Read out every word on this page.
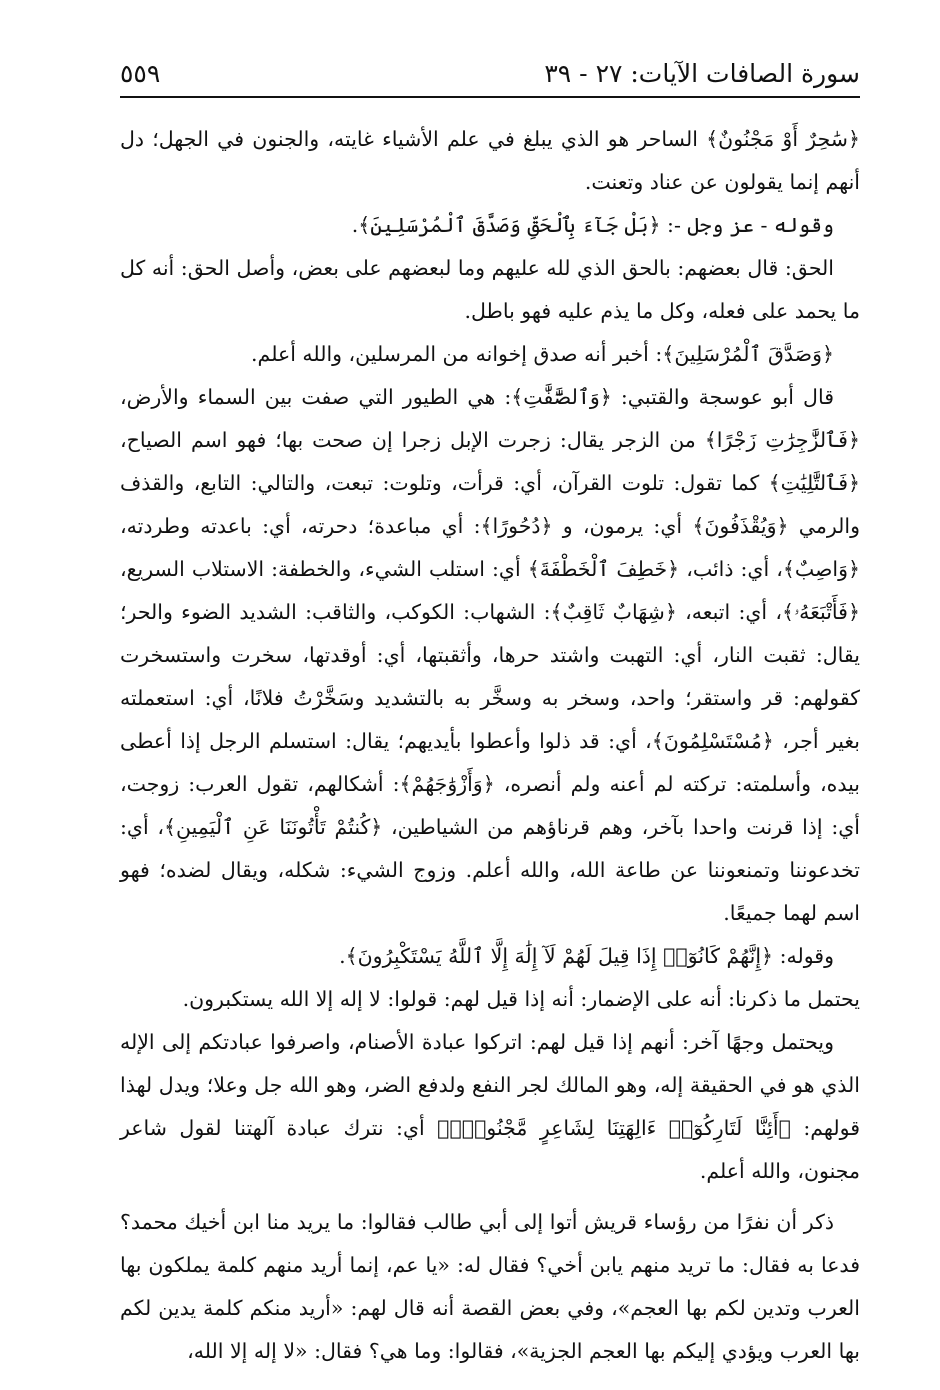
سورة الصافات الآيات: ٢٧ - ٣٩
٥٥٩

﴿سَٰحِرٌ أَوْ مَجْنُونٌ﴾ الساحر هو الذي يبلغ في علم الأشياء غايته، والجنون في الجهل؛ دل أنهم إنما يقولون عن عناد وتعنت.

وقوله - عز وجل -: ﴿بَلْ جَآءَ بِٱلْحَقِّ وَصَدَّقَ ٱلْمُرْسَلِينَ﴾.

الحق: قال بعضهم: بالحق الذي لله عليهم وما لبعضهم على بعض، وأصل الحق: أنه كل ما يحمد على فعله، وكل ما يذم عليه فهو باطل.

﴿وَصَدَّقَ ٱلْمُرْسَلِينَ﴾: أخبر أنه صدق إخوانه من المرسلين، والله أعلم.

قال أبو عوسجة والقتبي: ﴿وَٱلصَّٰٓفَّٰتِ﴾: هي الطيور التي صفت بين السماء والأرض، ﴿فَٱلزَّٰجِرَٰتِ زَجْرًا﴾ من الزجر يقال: زجرت الإبل زجرا إن صحت بها؛ فهو اسم الصياح، ﴿فَٱلتَّٰلِيَٰتِ﴾ كما تقول: تلوت القرآن، أي: قرأت، وتلوت: تبعت، والتالي: التابع، والقذف والرمي ﴿وَيُقْذَفُونَ﴾ أي: يرمون، و ﴿دُحُورًا﴾: أي مباعدة؛ دحرته، أي: باعدته وطردته، ﴿وَاصِبٌ﴾، أي: ذائب، ﴿خَطِفَ ٱلْخَطْفَةَ﴾ أي: استلب الشيء، والخطفة: الاستلاب السريع، ﴿فَأَتْبَعَهُۥ﴾، أي: اتبعه، ﴿شِهَابٌ ثَاقِبٌ﴾: الشهاب: الكوكب، والثاقب: الشديد الضوء والحر؛ يقال: ثقبت النار، أي: التهبت واشتد حرها، وأثقبتها، أي: أوقدتها، سخرت واستسخرت كقولهم: قر واستقر؛ واحد، وسخر به وسخَّر به بالتشديد وسَخَّرْتُ فلانًا، أي: استعملته بغير أجر، ﴿مُسْتَسْلِمُونَ﴾، أي: قد ذلوا وأعطوا بأيديهم؛ يقال: استسلم الرجل إذا أعطى بيده، وأسلمته: تركته لم أعنه ولم أنصره، ﴿وَأَزْوَٰجَهُمْ﴾: أشكالهم، تقول العرب: زوجت، أي: إذا قرنت واحدا بآخر، وهم قرناؤهم من الشياطين، ﴿كُنتُمْ تَأْتُونَنَا عَنِ ٱلْيَمِينِ﴾، أي: تخدعوننا وتمنعوننا عن طاعة الله، والله أعلم. وزوج الشيء: شكله، ويقال لضده؛ فهو اسم لهما جميعًا.

وقوله: ﴿إِنَّهُمْ كَانُوٓا۟ إِذَا قِيلَ لَهُمْ لَآ إِلَٰهَ إِلَّا ٱللَّهُ يَسْتَكْبِرُونَ﴾.

يحتمل ما ذكرنا: أنه على الإضمار: أنه إذا قيل لهم: قولوا: لا إله إلا الله يستكبرون.

ويحتمل وجهًا آخر: أنهم إذا قيل لهم: اتركوا عبادة الأصنام، واصرفوا عبادتكم إلى الإله الذي هو في الحقيقة إله، وهو المالك لجر النفع ولدفع الضر، وهو الله جل وعلا؛ ويدل لهذا قولهم: ﴿أَئِنَّا لَتَارِكُوٓا۟ ءَالِهَتِنَا لِشَاعِرٍ مَّجْنُونٍۭ﴾ أي: نترك عبادة آلهتنا لقول شاعر مجنون، والله أعلم.

ذكر أن نفرًا من رؤساء قريش أتوا إلى أبي طالب فقالوا: ما يريد منا ابن أخيك محمد؟ فدعا به فقال: ما تريد منهم يابن أخي؟ فقال له: «يا عم، إنما أريد منهم كلمة يملكون بها العرب وتدين لكم بها العجم»، وفي بعض القصة أنه قال لهم: «أريد منكم كلمة يدين لكم بها العرب ويؤدي إليكم بها العجم الجزية»، فقالوا: وما هي؟ فقال: «لا إله إلا الله،
